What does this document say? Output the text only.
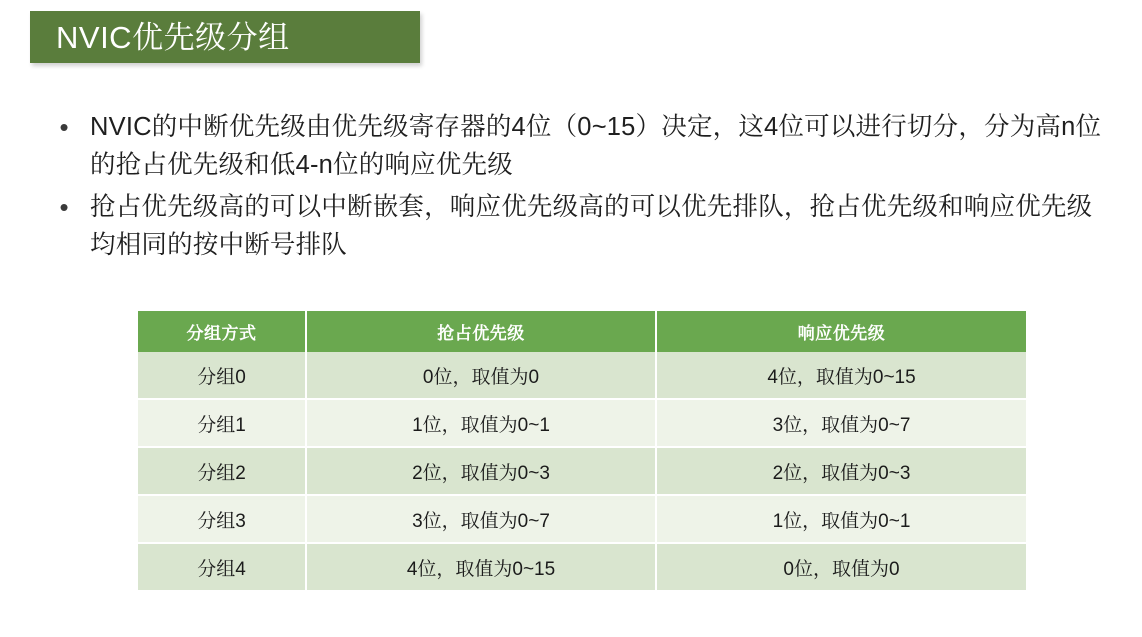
NVIC优先级分组
• NVIC的中断优先级由优先级寄存器的4位（0~15）决定，这4位可以进行切分，分为高n位的抢占优先级和低4-n位的响应优先级
• 抢占优先级高的可以中断嵌套，响应优先级高的可以优先排队，抢占优先级和响应优先级均相同的按中断号排队
分组方式	抢占优先级	响应优先级
分组0	0位，取值为0	4位，取值为0~15
分组1	1位，取值为0~1	3位，取值为0~7
分组2	2位，取值为0~3	2位，取值为0~3
分组3	3位，取值为0~7	1位，取值为0~1
分组4	4位，取值为0~15	0位，取值为0
